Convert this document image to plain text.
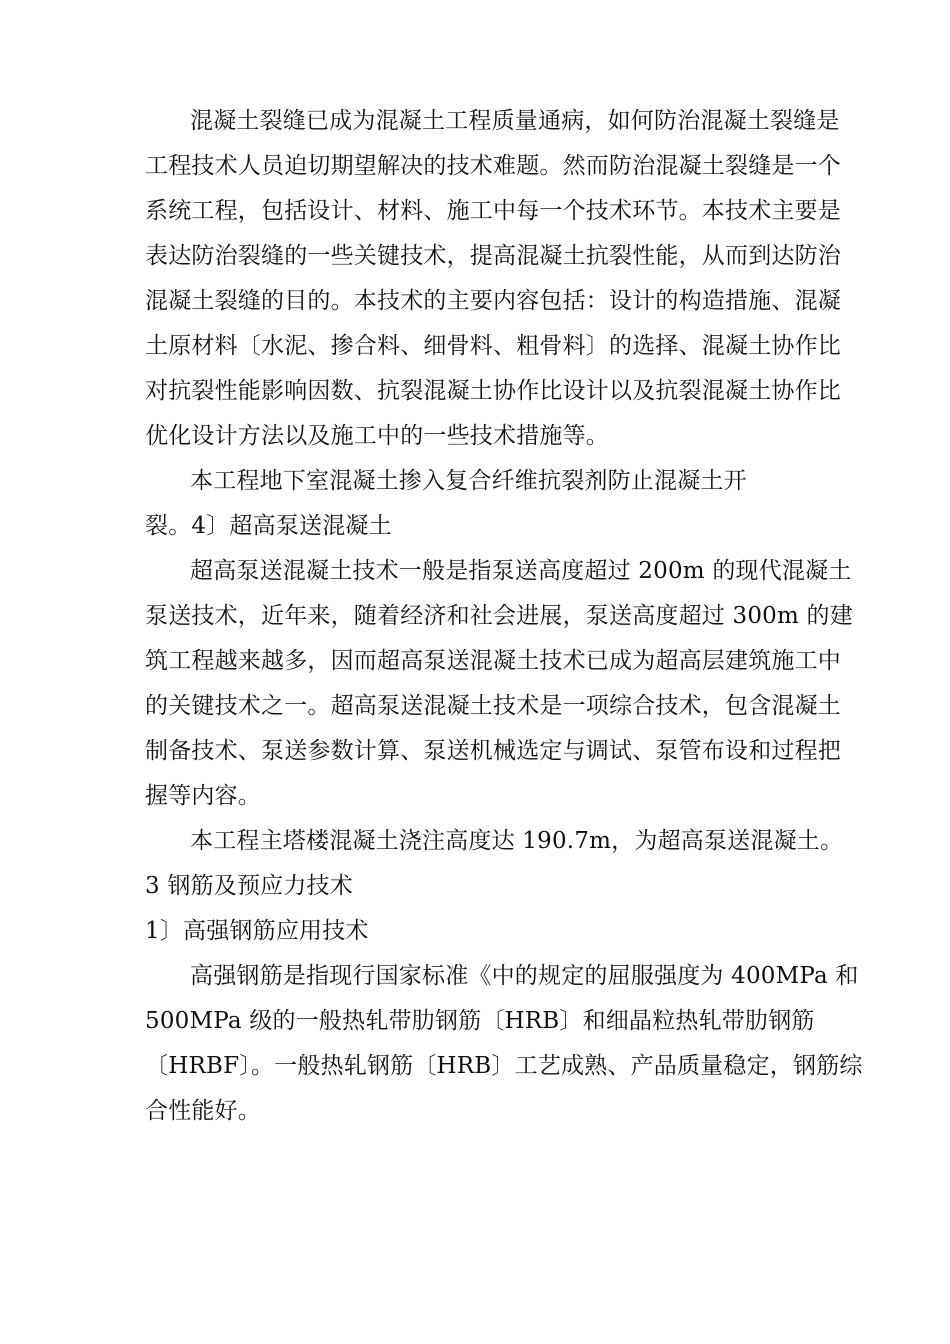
混凝土裂缝已成为混凝土工程质量通病，如何防治混凝土裂缝是
工程技术人员迫切期望解决的技术难题。然而防治混凝土裂缝是一个
系统工程，包括设计、材料、施工中每一个技术环节。本技术主要是
表达防治裂缝的一些关键技术，提高混凝土抗裂性能，从而到达防治
混凝土裂缝的目的。本技术的主要内容包括：设计的构造措施、混凝
土原材料〔水泥、掺合料、细骨料、粗骨料〕的选择、混凝土协作比
对抗裂性能影响因数、抗裂混凝土协作比设计以及抗裂混凝土协作比
优化设计方法以及施工中的一些技术措施等。
本工程地下室混凝土掺入复合纤维抗裂剂防止混凝土开
裂。4〕超高泵送混凝土
超高泵送混凝土技术一般是指泵送高度超过 200m 的现代混凝土
泵送技术，近年来，随着经济和社会进展，泵送高度超过 300m 的建
筑工程越来越多，因而超高泵送混凝土技术已成为超高层建筑施工中
的关键技术之一。超高泵送混凝土技术是一项综合技术，包含混凝土
制备技术、泵送参数计算、泵送机械选定与调试、泵管布设和过程把
握等内容。
本工程主塔楼混凝土浇注高度达 190.7m，为超高泵送混凝土。
3 钢筋及预应力技术
1〕高强钢筋应用技术
高强钢筋是指现行国家标准《中的规定的屈服强度为 400MPa 和
500MPa 级的一般热轧带肋钢筋〔HRB〕和细晶粒热轧带肋钢筋
〔HRBF〕。一般热轧钢筋〔HRB〕工艺成熟、产品质量稳定，钢筋综
合性能好。
